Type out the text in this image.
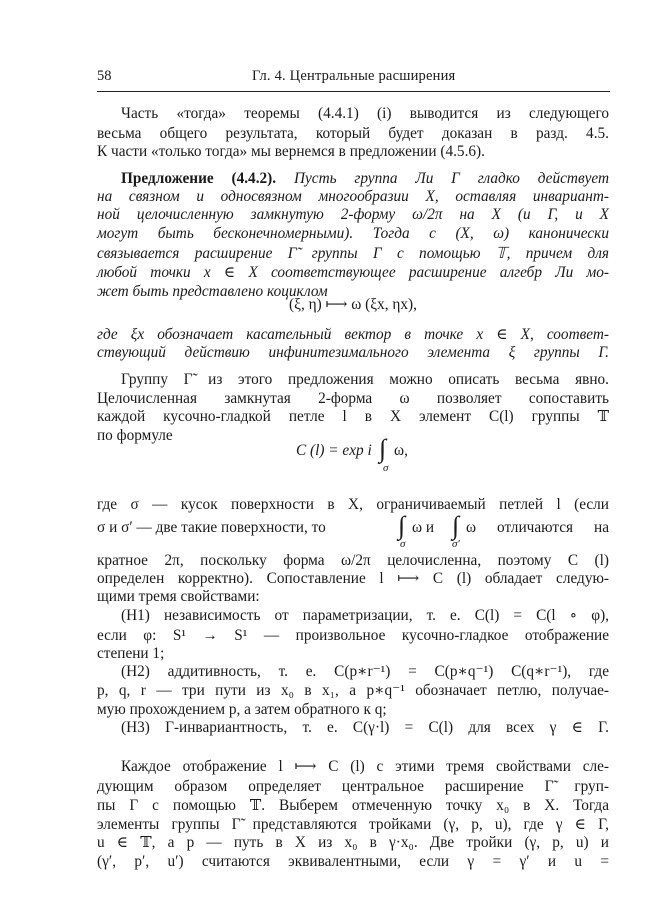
58	Гл. 4. Центральные расширения
Часть «тогда» теоремы (4.4.1) (i) выводится из следующего
весьма общего результата, который будет доказан в разд. 4.5.
К части «только тогда» мы вернемся в предложении (4.5.6).
Предложение (4.4.2). Пусть группа Ли Γ гладко действует
на связном и односвязном многообразии X, оставляя инвариант-
ной целочисленную замкнутую 2-форму ω/2π на X (и Γ, и X
могут быть бесконечномерными). Тогда с (X, ω) канонически
связывается расширение Γ̃ группы Γ с помощью 𝕋, причем для
любой точки x ∈ X соответствующее расширение алгебр Ли мо-
жет быть представлено коциклом
(ξ, η) ⟼ ω (ξx, ηx),
где ξx обозначает касательный вектор в точке x ∈ X, соответ-
ствующий действию инфинитезимального элемента ξ группы Γ.
Группу Γ̃ из этого предложения можно описать весьма явно.
Целочисленная замкнутая 2-форма ω позволяет сопоставить
каждой кусочно-гладкой петле l в X элемент C(l) группы 𝕋
по формуле
C (l) = exp i ∫
σ
ω,
где σ — кусок поверхности в X, ограничиваемый петлей l (если
σ и σ′ — две такие поверхности, то	∫
σ
ω и ∫
σ′
ω отличаются на
кратное 2π, поскольку форма ω/2π целочисленна, поэтому C (l)
определен корректно). Сопоставление l ⟼ C (l) обладает следую-
щими тремя свойствами:
(H1) независимость от параметризации, т. е. C(l) = C(l ∘ φ),
если φ: S¹ → S¹ — произвольное кусочно-гладкое отображение
степени 1;
(H2) аддитивность, т. е. C(p∗r⁻¹) = C(p∗q⁻¹) C(q∗r⁻¹), где
p, q, r — три пути из x₀ в x₁, а p∗q⁻¹ обозначает петлю, получае-
мую прохождением p, а затем обратного к q;
(H3) Γ-инвариантность, т. е. C(γ·l) = C(l) для всех γ ∈ Γ.
Каждое отображение l ⟼ C (l) с этими тремя свойствами сле-
дующим образом определяет центральное расширение Γ̃ груп-
пы Γ с помощью 𝕋. Выберем отмеченную точку x₀ в X. Тогда
элементы группы Γ̃ представляются тройками (γ, p, u), где γ ∈ Γ,
u ∈ 𝕋, а p — путь в X из x₀ в γ·x₀. Две тройки (γ, p, u) и
(γ′, p′, u′) считаются эквивалентными, если γ = γ′ и u =
